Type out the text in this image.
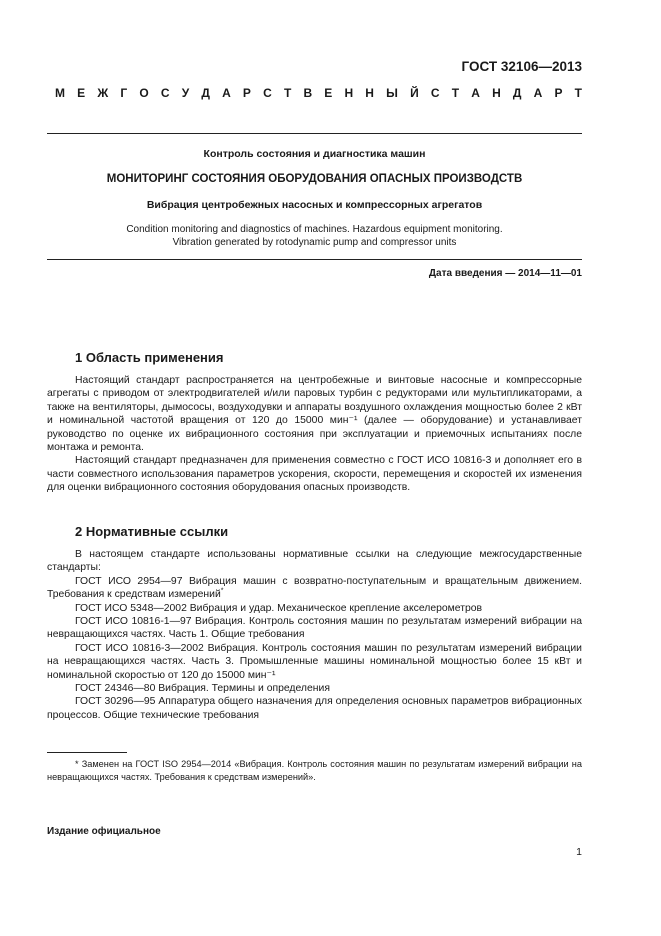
ГОСТ 32106—2013
М Е Ж Г О С У Д А Р С Т В Е Н Н Ы Й С Т А Н Д А Р Т
Контроль состояния и диагностика машин
МОНИТОРИНГ СОСТОЯНИЯ ОБОРУДОВАНИЯ ОПАСНЫХ ПРОИЗВОДСТВ
Вибрация центробежных насосных и компрессорных агрегатов
Condition monitoring and diagnostics of machines. Hazardous equipment monitoring.
Vibration generated by rotodynamic pump and compressor units
Дата введения — 2014—11—01
1 Область применения

Настоящий стандарт распространяется на центробежные и винтовые насосные и компрессорные агрегаты с приводом от электродвигателей и/или паровых турбин с редукторами или мультипликаторами, а также на вентиляторы, дымососы, воздуходувки и аппараты воздушного охлаждения мощностью более 2 кВт и номинальной частотой вращения от 120 до 15000 мин⁻¹ (далее — оборудование) и устанавливает руководство по оценке их вибрационного состояния при эксплуатации и приемочных испытаниях после монтажа и ремонта.

Настоящий стандарт предназначен для применения совместно с ГОСТ ИСО 10816-3 и дополняет его в части совместного использования параметров ускорения, скорости, перемещения и скоростей их изменения для оценки вибрационного состояния оборудования опасных производств.

2 Нормативные ссылки

В настоящем стандарте использованы нормативные ссылки на следующие межгосударственные стандарты:

ГОСТ ИСО 2954—97 Вибрация машин с возвратно-поступательным и вращательным движением. Требования к средствам измерений*

ГОСТ ИСО 5348—2002 Вибрация и удар. Механическое крепление акселерометров

ГОСТ ИСО 10816-1—97 Вибрация. Контроль состояния машин по результатам измерений вибрации на невращающихся частях. Часть 1. Общие требования

ГОСТ ИСО 10816-3—2002 Вибрация. Контроль состояния машин по результатам измерений вибрации на невращающихся частях. Часть 3. Промышленные машины номинальной мощностью более 15 кВт и номинальной скоростью от 120 до 15000 мин⁻¹

ГОСТ 24346—80 Вибрация. Термины и определения

ГОСТ 30296—95 Аппаратура общего назначения для определения основных параметров вибрационных процессов. Общие технические требования

* Заменен на ГОСТ ISO 2954—2014 «Вибрация. Контроль состояния машин по результатам измерений вибрации на невращающихся частях. Требования к средствам измерений».

Издание официальное
1
